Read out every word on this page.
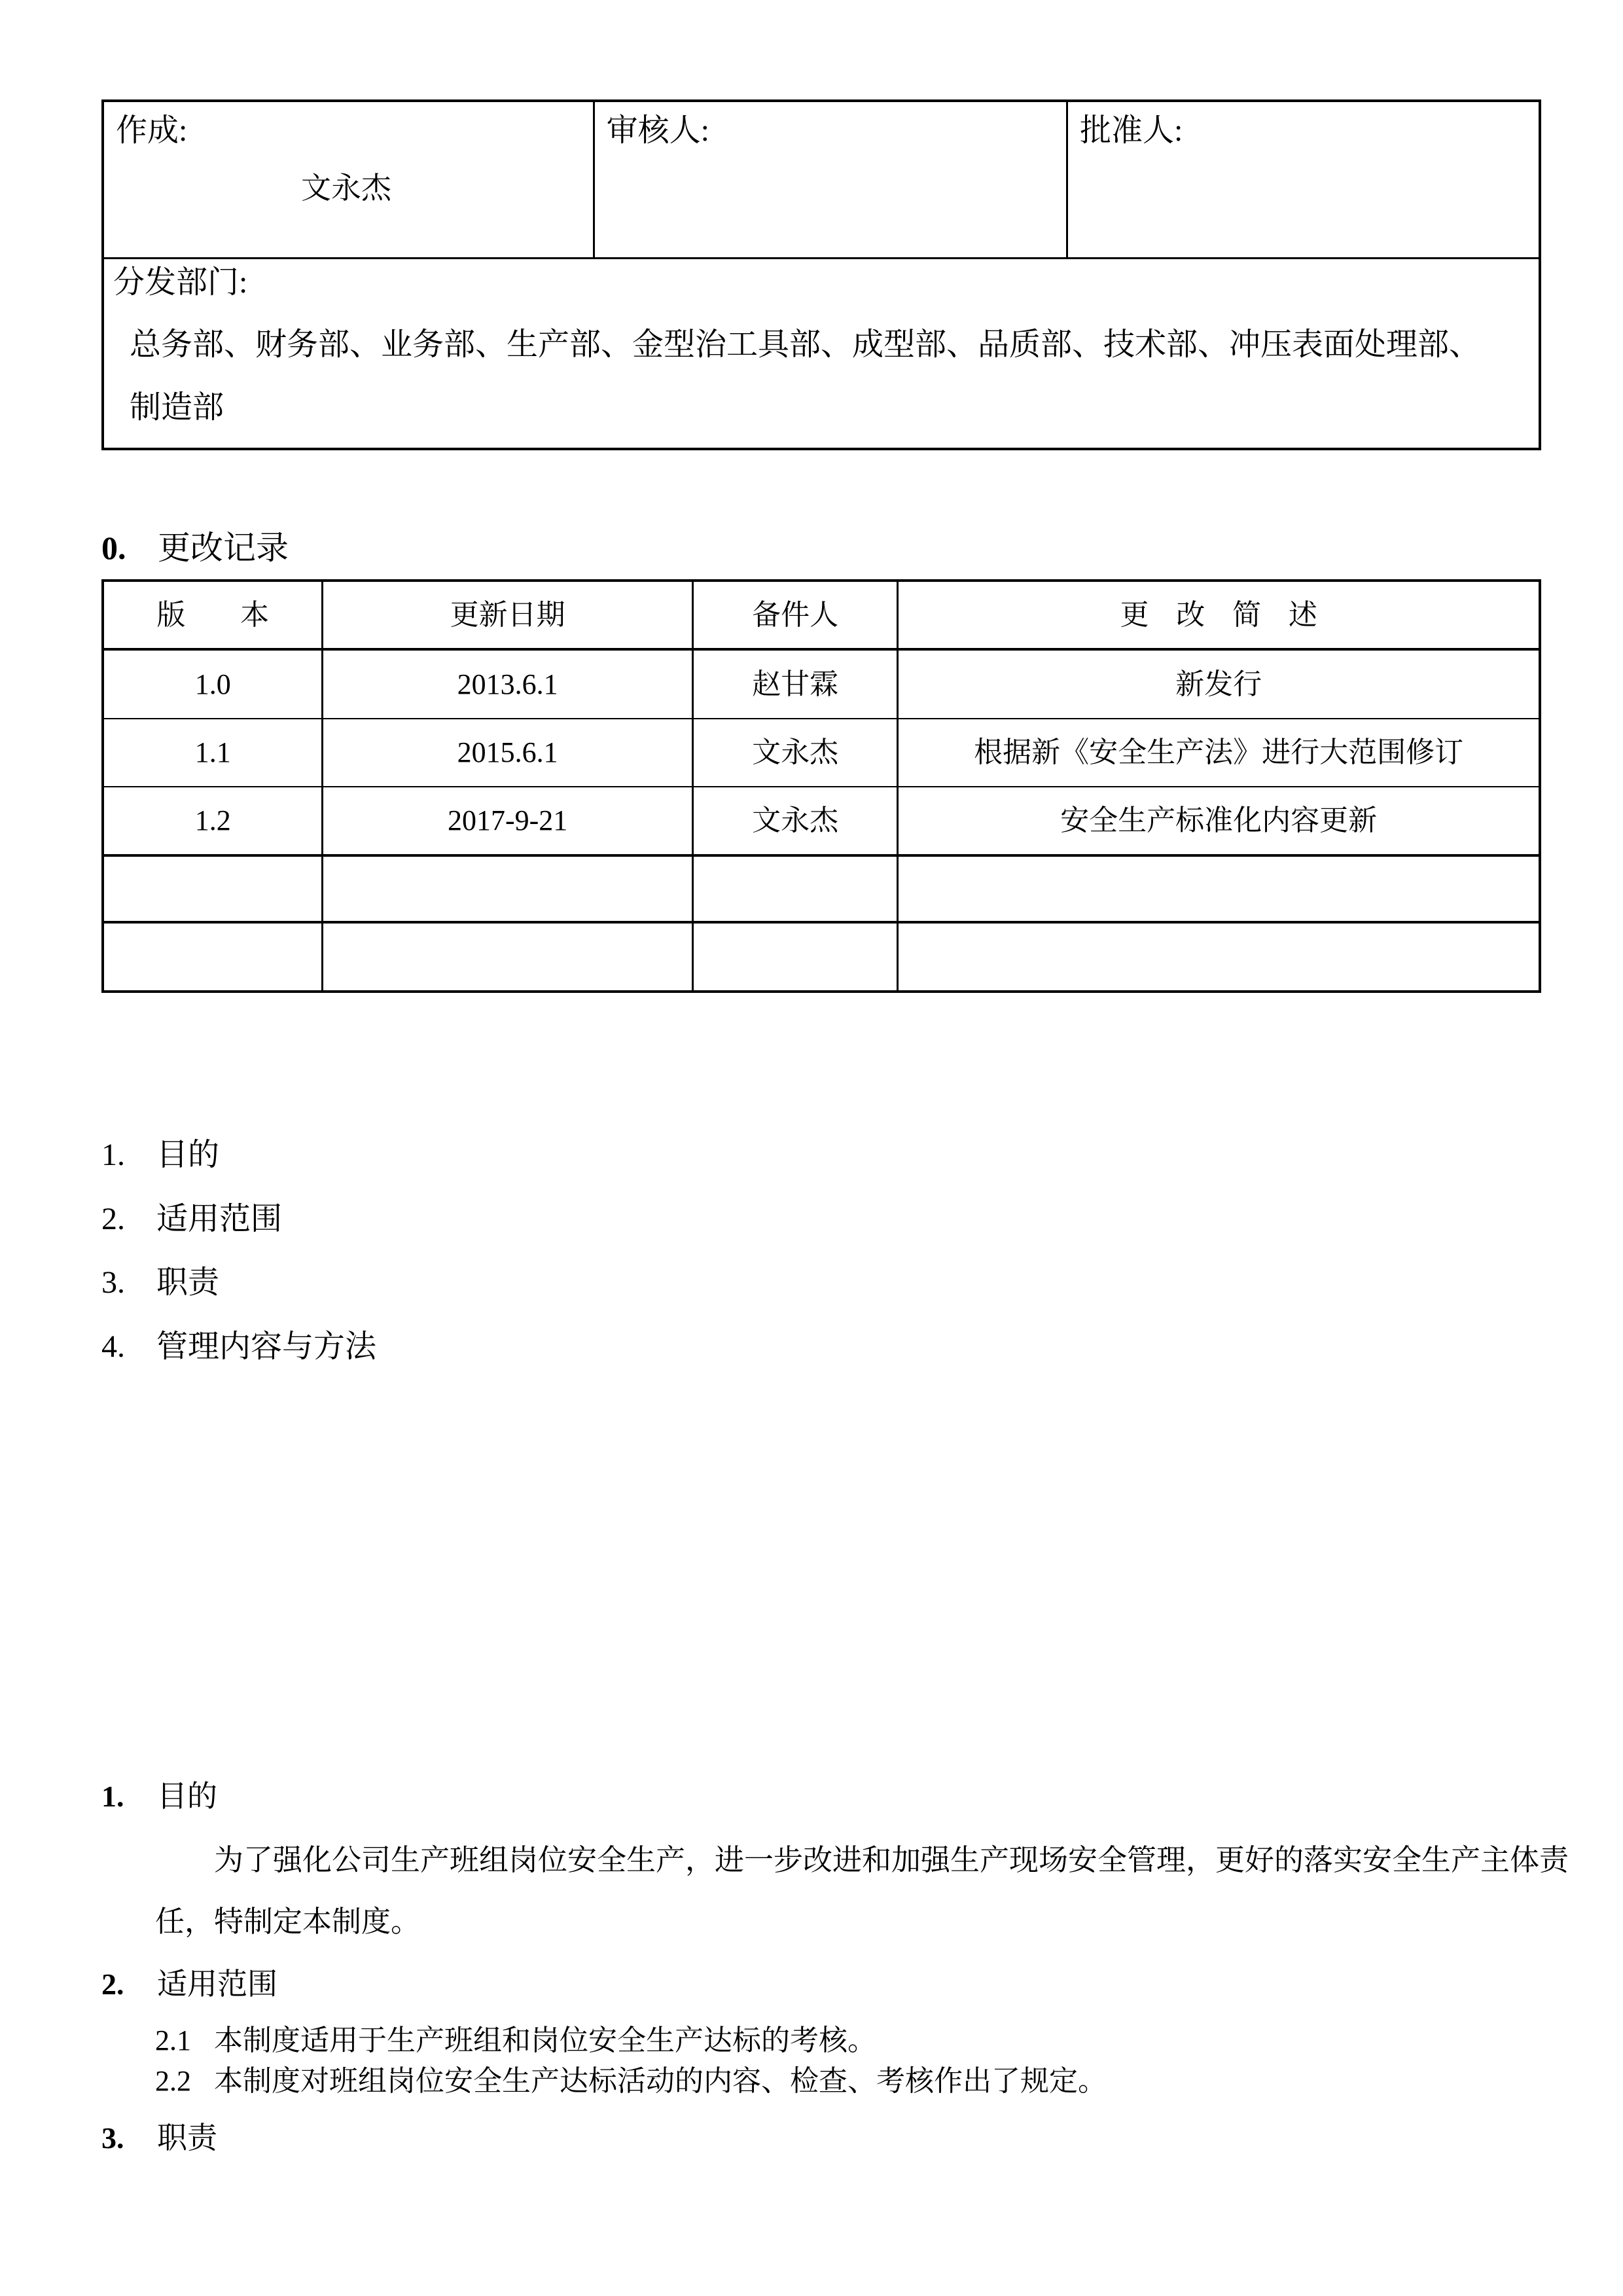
作成:
文永杰
审核人:	批准人:
分发部门:
总务部、财务部、业务部、生产部、金型治工具部、成型部、品质部、技术部、冲压表面处理部、
制造部
0. 更改记录
版  本	更新日期	备件人	更 改 简 述
1.0	2013.6.1	赵甘霖	新发行
1.1	2015.6.1	文永杰	根据新《安全生产法》进行大范围修订
1.2	2017-9-21	文永杰	安全生产标准化内容更新
1.	目的
2.	适用范围
3.	职责
4.	管理内容与方法
1.	目的
为了强化公司生产班组岗位安全生产，进一步改进和加强生产现场安全管理，更好的落实安全生产主体责
任，特制定本制度。
2.	适用范围
2.1 本制度适用于生产班组和岗位安全生产达标的考核。
2.2 本制度对班组岗位安全生产达标活动的内容、检查、考核作出了规定。
3.	职责
